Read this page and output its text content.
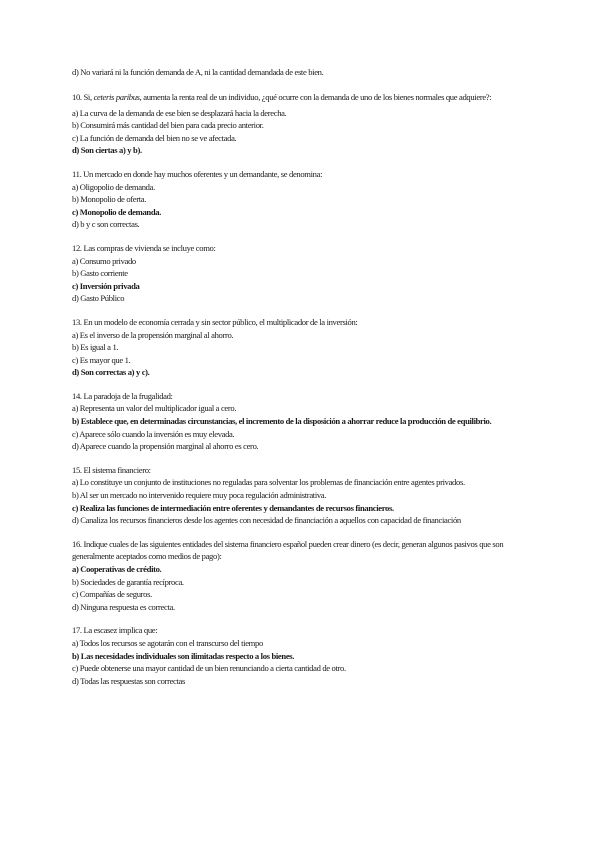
d) No variará ni la función demanda de A, ni la cantidad demandada de este bien.
10. Si, ceteris paribus, aumenta la renta real de un individuo, ¿qué ocurre con la demanda de uno de los bienes normales que adquiere?:
a) La curva de la demanda de ese bien se desplazará hacia la derecha.
b) Consumirá más cantidad del bien para cada precio anterior.
c) La función de demanda del bien no se ve afectada.
d) Son ciertas a) y b).
11. Un mercado en donde hay muchos oferentes y un demandante, se denomina:
a) Oligopolio de demanda.
b) Monopolio de oferta.
c) Monopolio de demanda.
d) b y c son correctas.
12. Las compras de vivienda se incluye como:
a) Consumo privado
b) Gasto corriente
c) Inversión privada
d) Gasto Público
13. En un modelo de economía cerrada y sin sector público, el multiplicador de la inversión:
a) Es el inverso de la propensión marginal al ahorro.
b) Es igual a 1.
c) Es mayor que 1.
d) Son correctas a) y c).
14. La paradoja de la frugalidad:
a) Representa un valor del multiplicador igual a cero.
b) Establece que, en determinadas circunstancias, el incremento de la disposición a ahorrar reduce la producción de equilibrio.
c) Aparece sólo cuando la inversión es muy elevada.
d) Aparece cuando la propensión marginal al ahorro es cero.
15. El sistema financiero:
a) Lo constituye un conjunto de instituciones no reguladas para solventar los problemas de financiación entre agentes privados.
b) Al ser un mercado no intervenido requiere muy poca regulación administrativa.
c) Realiza las funciones de intermediación entre oferentes y demandantes de recursos financieros.
d) Canaliza los recursos financieros desde los agentes con necesidad de financiación a aquellos con capacidad de financiación
16. Indique cuales de las siguientes entidades del sistema financiero español pueden crear dinero (es decir, generan algunos pasivos que son generalmente aceptados como medios de pago):
a) Cooperativas de crédito.
b) Sociedades de garantía recíproca.
c) Compañías de seguros.
d) Ninguna respuesta es correcta.
17. La escasez implica que:
a) Todos los recursos se agotarán con el transcurso del tiempo
b) Las necesidades individuales son ilimitadas respecto a los bienes.
c) Puede obtenerse una mayor cantidad de un bien renunciando a cierta cantidad de otro.
d) Todas las respuestas son correctas
